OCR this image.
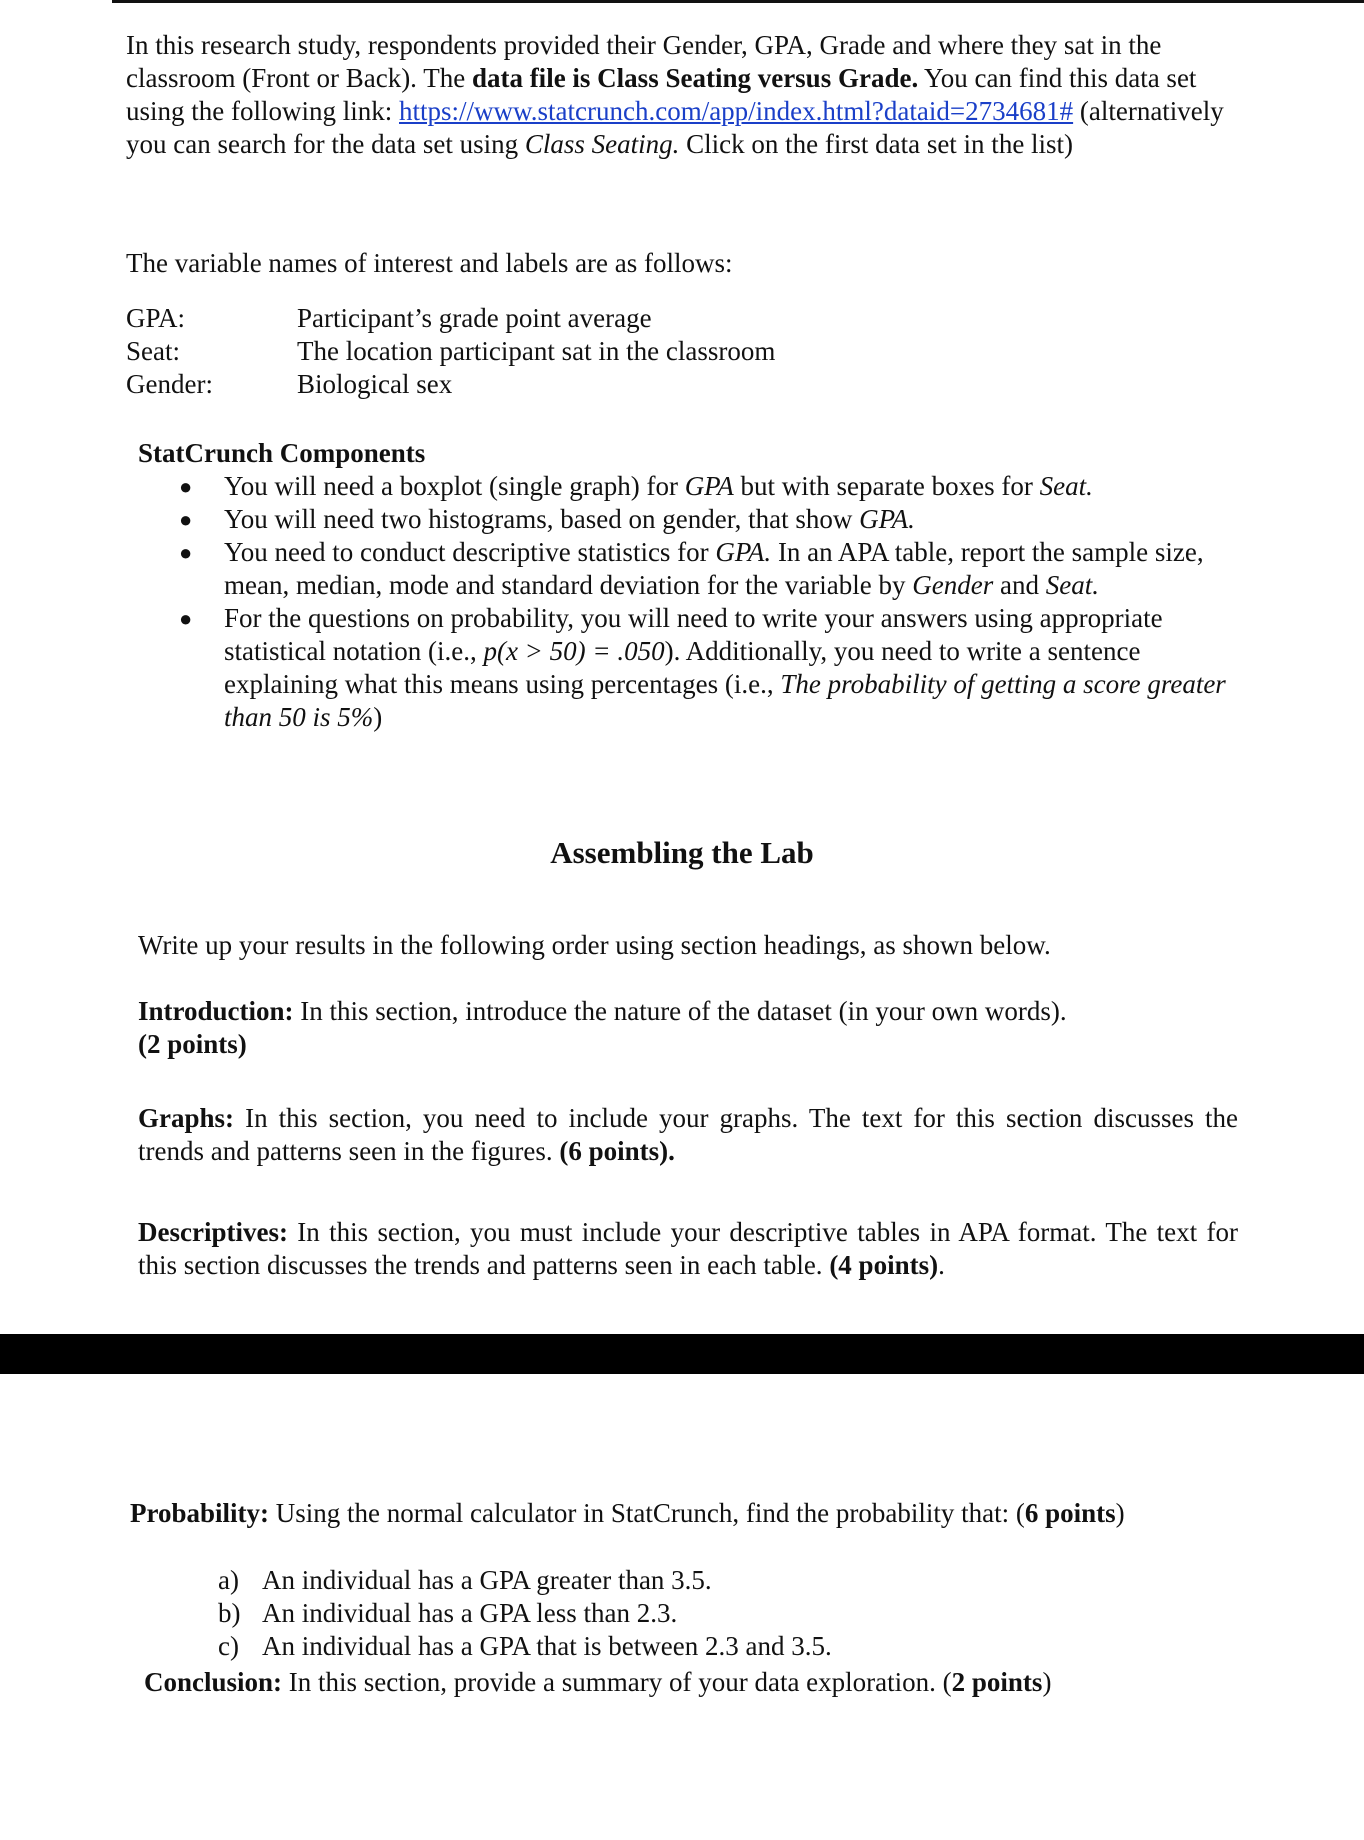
In this research study, respondents provided their Gender, GPA, Grade and where they sat in the classroom (Front or Back). The data file is Class Seating versus Grade. You can find this data set using the following link: https://www.statcrunch.com/app/index.html?dataid=2734681# (alternatively you can search for the data set using Class Seating. Click on the first data set in the list)

The variable names of interest and labels are as follows:
GPA:	Participant’s grade point average
Seat:	The location participant sat in the classroom
Gender:	Biological sex
StatCrunch Components
● You will need a boxplot (single graph) for GPA but with separate boxes for Seat.
● You will need two histograms, based on gender, that show GPA.
● You need to conduct descriptive statistics for GPA. In an APA table, report the sample size, mean, median, mode and standard deviation for the variable by Gender and Seat.
● For the questions on probability, you will need to write your answers using appropriate statistical notation (i.e., p(x > 50) = .050). Additionally, you need to write a sentence explaining what this means using percentages (i.e., The probability of getting a score greater than 50 is 5%)
Assembling the Lab
Write up your results in the following order using section headings, as shown below.

Introduction: In this section, introduce the nature of the dataset (in your own words).
(2 points)

Graphs: In this section, you need to include your graphs. The text for this section discusses the trends and patterns seen in the figures. (6 points).

Descriptives: In this section, you must include your descriptive tables in APA format. The text for this section discusses the trends and patterns seen in each table. (4 points).

Probability: Using the normal calculator in StatCrunch, find the probability that: (6 points)

a) An individual has a GPA greater than 3.5.
b) An individual has a GPA less than 2.3.
c) An individual has a GPA that is between 2.3 and 3.5.

Conclusion: In this section, provide a summary of your data exploration. (2 points)
